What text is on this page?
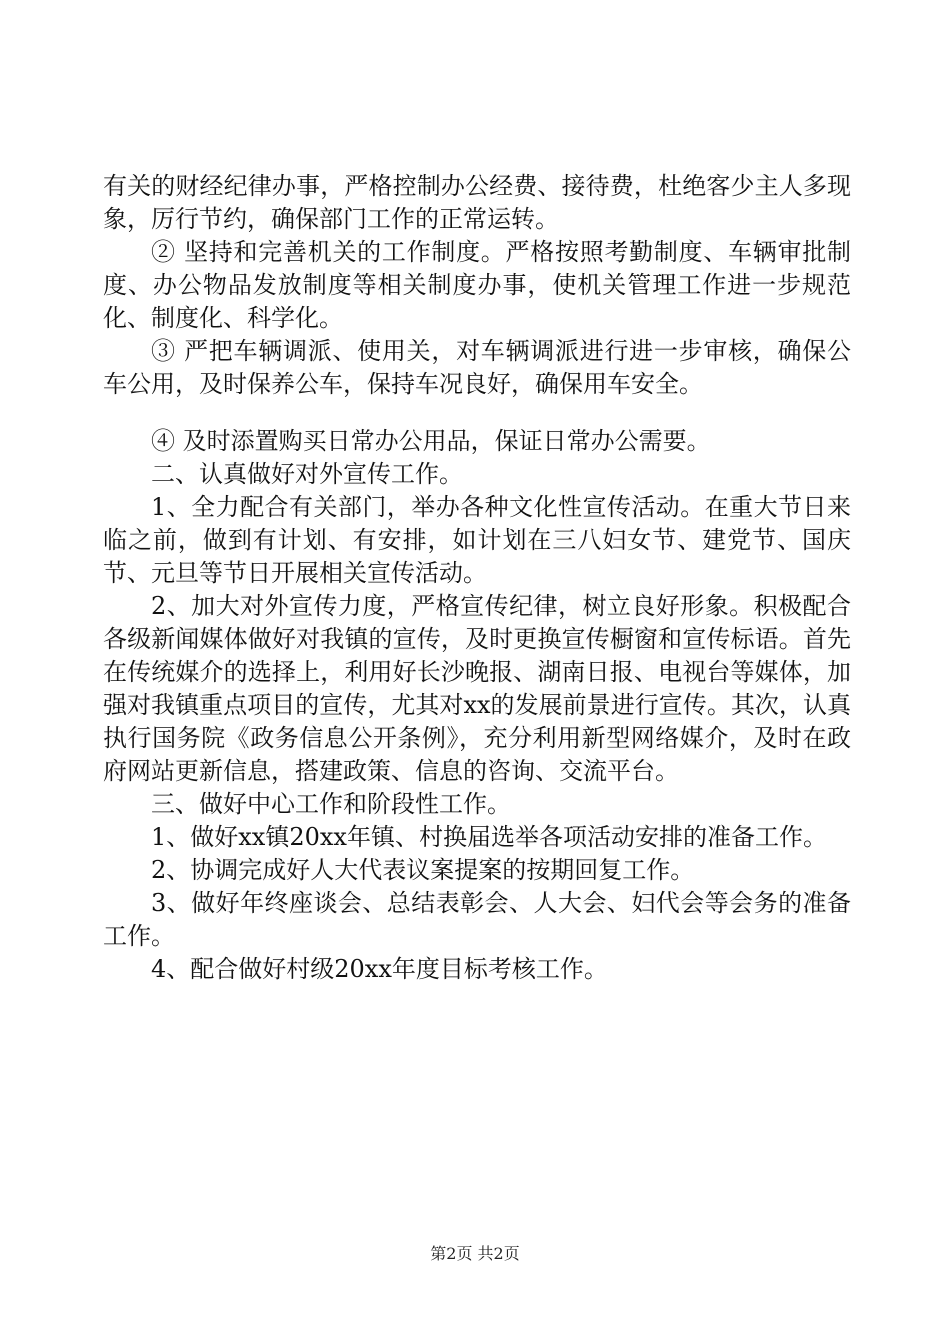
有关的财经纪律办事，严格控制办公经费、接待费，杜绝客少主人多现象，厉行节约，确保部门工作的正常运转。

② 坚持和完善机关的工作制度。严格按照考勤制度、车辆审批制度、办公物品发放制度等相关制度办事，使机关管理工作进一步规范化、制度化、科学化。

③ 严把车辆调派、使用关，对车辆调派进行进一步审核，确保公车公用，及时保养公车，保持车况良好，确保用车安全。

④ 及时添置购买日常办公用品，保证日常办公需要。

二、认真做好对外宣传工作。

1、全力配合有关部门，举办各种文化性宣传活动。在重大节日来临之前，做到有计划、有安排，如计划在三八妇女节、建党节、国庆节、元旦等节日开展相关宣传活动。

2、加大对外宣传力度，严格宣传纪律，树立良好形象。积极配合各级新闻媒体做好对我镇的宣传，及时更换宣传橱窗和宣传标语。首先在传统媒介的选择上，利用好长沙晚报、湖南日报、电视台等媒体，加强对我镇重点项目的宣传，尤其对xx的发展前景进行宣传。其次，认真执行国务院《政务信息公开条例》，充分利用新型网络媒介，及时在政府网站更新信息，搭建政策、信息的咨询、交流平台。

三、做好中心工作和阶段性工作。

1、做好xx镇20xx年镇、村换届选举各项活动安排的准备工作。

2、协调完成好人大代表议案提案的按期回复工作。

3、做好年终座谈会、总结表彰会、人大会、妇代会等会务的准备工作。

4、配合做好村级20xx年度目标考核工作。

第2页 共2页
